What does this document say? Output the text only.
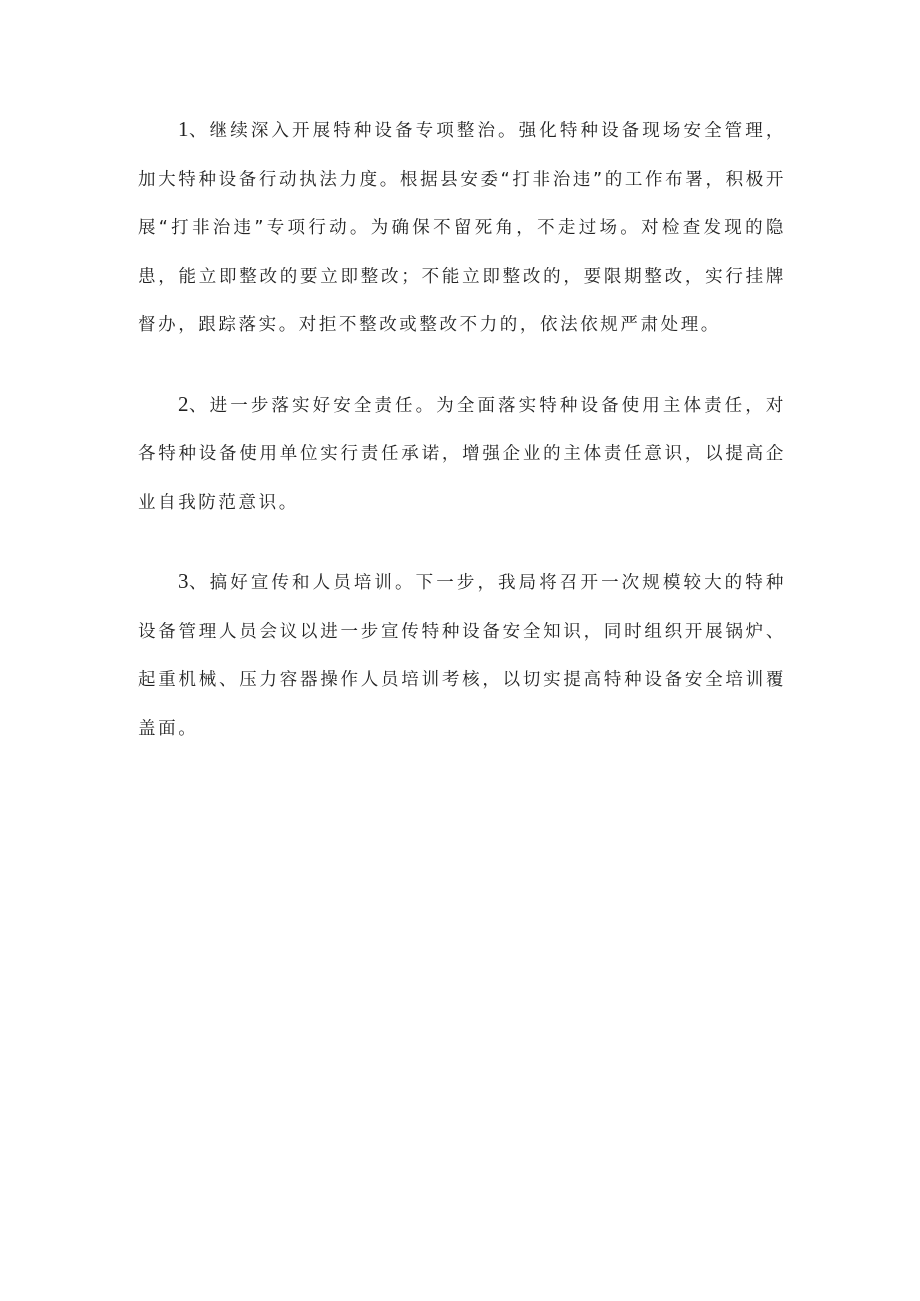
1、继续深入开展特种设备专项整治。强化特种设备现场安全管理，加大特种设备行动执法力度。根据县安委“打非治违”的工作布署，积极开展“打非治违”专项行动。为确保不留死角，不走过场。对检查发现的隐患，能立即整改的要立即整改；不能立即整改的，要限期整改，实行挂牌督办，跟踪落实。对拒不整改或整改不力的，依法依规严肃处理。

2、进一步落实好安全责任。为全面落实特种设备使用主体责任，对各特种设备使用单位实行责任承诺，增强企业的主体责任意识，以提高企业自我防范意识。

3、搞好宣传和人员培训。下一步，我局将召开一次规模较大的特种设备管理人员会议以进一步宣传特种设备安全知识，同时组织开展锅炉、起重机械、压力容器操作人员培训考核，以切实提高特种设备安全培训覆盖面。
